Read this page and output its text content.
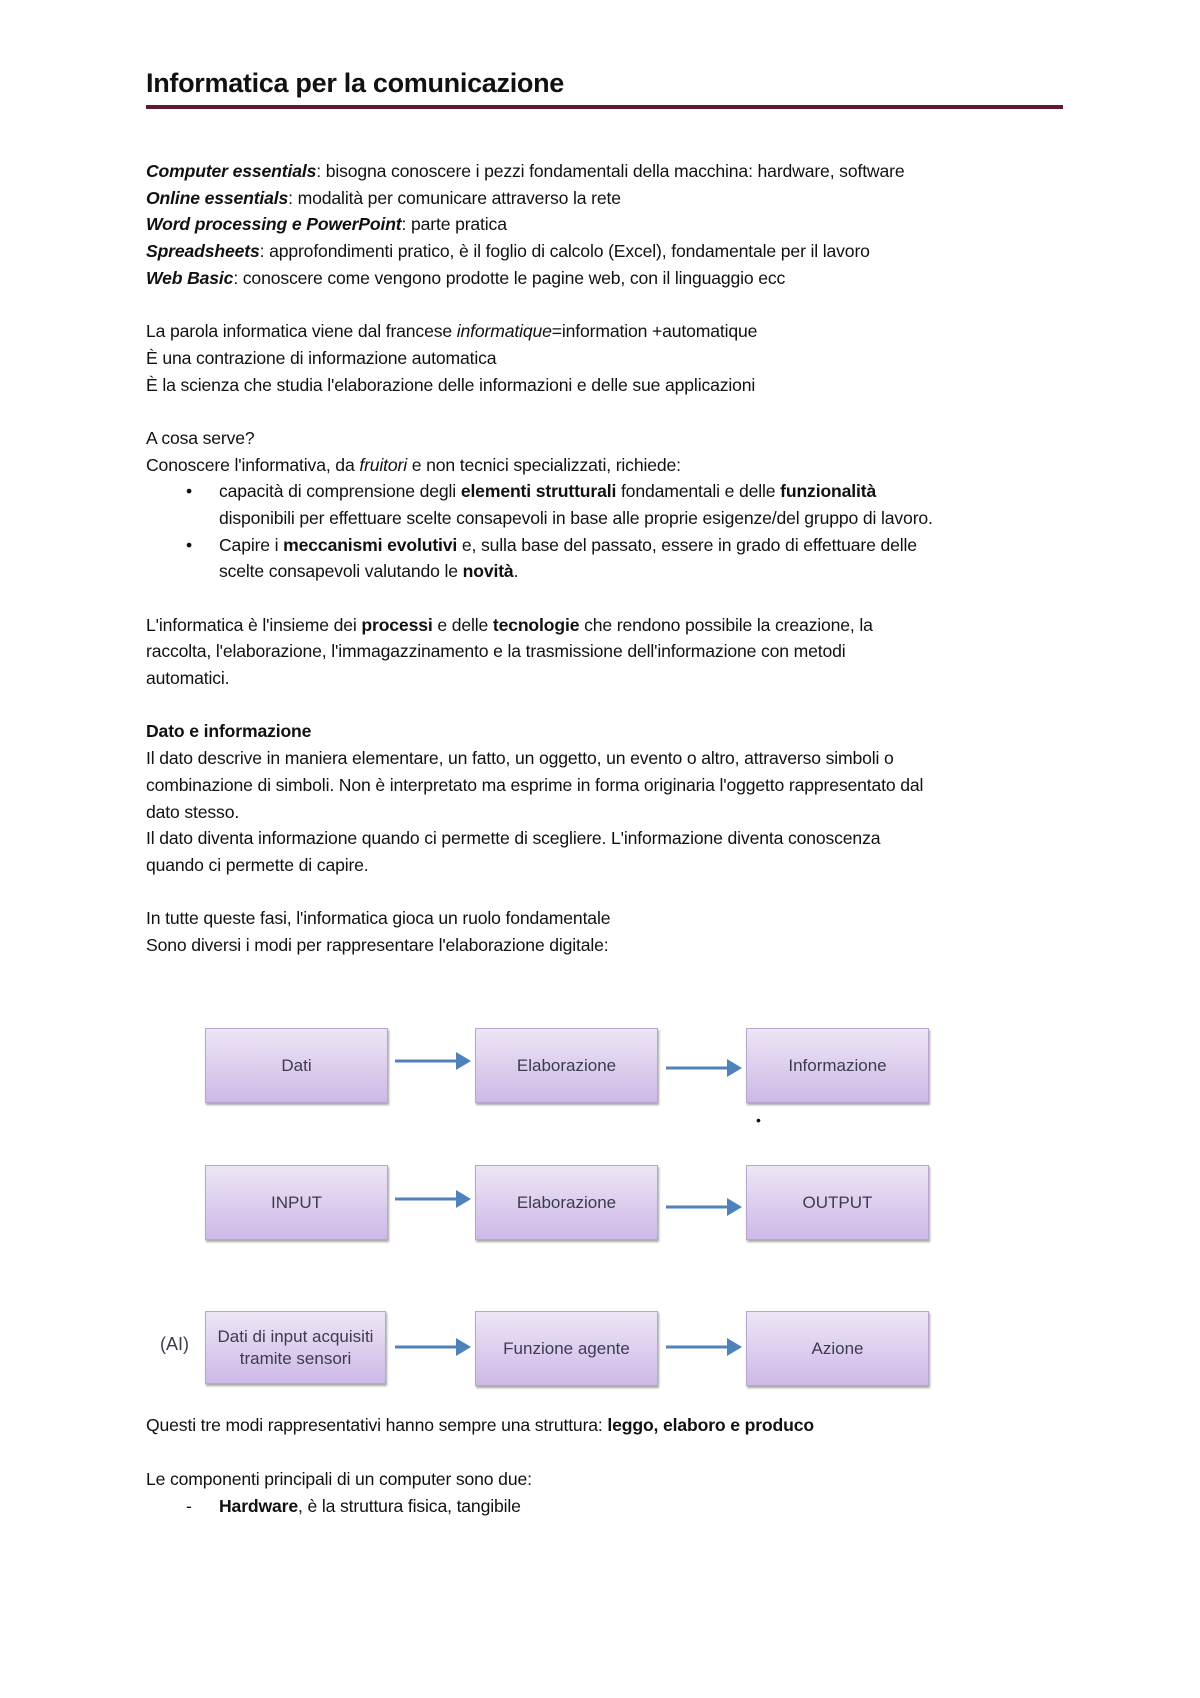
Informatica per la comunicazione
Computer essentials: bisogna conoscere i pezzi fondamentali della macchina: hardware, software
Online essentials: modalità per comunicare attraverso la rete
Word processing e PowerPoint: parte pratica
Spreadsheets: approfondimenti pratico, è il foglio di calcolo (Excel), fondamentale per il lavoro
Web Basic: conoscere come vengono prodotte le pagine web, con il linguaggio ecc
La parola informatica viene dal francese informatique=information +automatique
È una contrazione di informazione automatica
È la scienza che studia l'elaborazione delle informazioni e delle sue applicazioni
A cosa serve?
Conoscere l'informativa, da fruitori e non tecnici specializzati, richiede:
• capacità di comprensione degli elementi strutturali fondamentali e delle funzionalità
disponibili per effettuare scelte consapevoli in base alle proprie esigenze/del gruppo di lavoro.
• Capire i meccanismi evolutivi e, sulla base del passato, essere in grado di effettuare delle
scelte consapevoli valutando le novità.
L'informatica è l'insieme dei processi e delle tecnologie che rendono possibile la creazione, la
raccolta, l'elaborazione, l'immagazzinamento e la trasmissione dell'informazione con metodi
automatici.
Dato e informazione
Il dato descrive in maniera elementare, un fatto, un oggetto, un evento o altro, attraverso simboli o
combinazione di simboli. Non è interpretato ma esprime in forma originaria l'oggetto rappresentato dal
dato stesso.
Il dato diventa informazione quando ci permette di scegliere. L'informazione diventa conoscenza
quando ci permette di capire.
In tutte queste fasi, l'informatica gioca un ruolo fondamentale
Sono diversi i modi per rappresentare l'elaborazione digitale:
Dati	Elaborazione	Informazione
INPUT	Elaborazione	OUTPUT
Dati di input acquisiti tramite sensori
Funzione agente	Azione
(AI)
•
Questi tre modi rappresentativi hanno sempre una struttura: leggo, elaboro e produco
Le componenti principali di un computer sono due:
- Hardware, è la struttura fisica, tangibile
